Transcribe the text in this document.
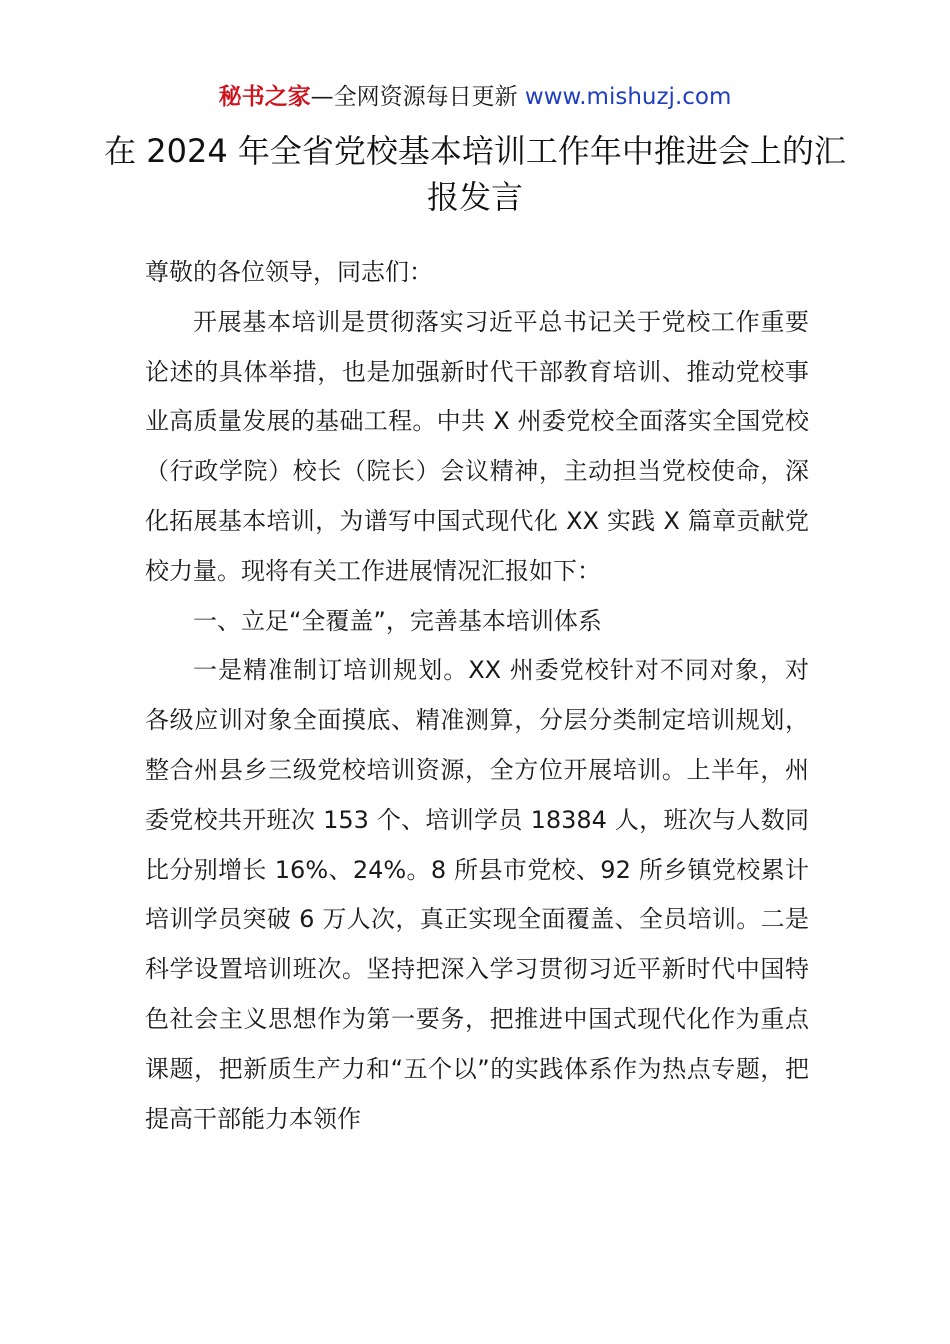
秘书之家—全网资源每日更新 www.mishuzj.com
在 2024 年全省党校基本培训工作年中推进会上的汇报发言

尊敬的各位领导，同志们：

开展基本培训是贯彻落实习近平总书记关于党校工作重要论述的具体举措，也是加强新时代干部教育培训、推动党校事业高质量发展的基础工程。中共 X 州委党校全面落实全国党校（行政学院）校长（院长）会议精神，主动担当党校使命，深化拓展基本培训，为谱写中国式现代化 XX 实践 X 篇章贡献党校力量。现将有关工作进展情况汇报如下：

一、立足“全覆盖”，完善基本培训体系

一是精准制订培训规划。XX 州委党校针对不同对象，对各级应训对象全面摸底、精准测算，分层分类制定培训规划，整合州县乡三级党校培训资源，全方位开展培训。上半年，州委党校共开班次 153 个、培训学员 18384 人，班次与人数同比分别增长 16%、24%。8 所县市党校、92 所乡镇党校累计培训学员突破 6 万人次，真正实现全面覆盖、全员培训。二是科学设置培训班次。坚持把深入学习贯彻习近平新时代中国特色社会主义思想作为第一要务，把推进中国式现代化作为重点课题，把新质生产力和“五个以”的实践体系作为热点专题，把提高干部能力本领作
